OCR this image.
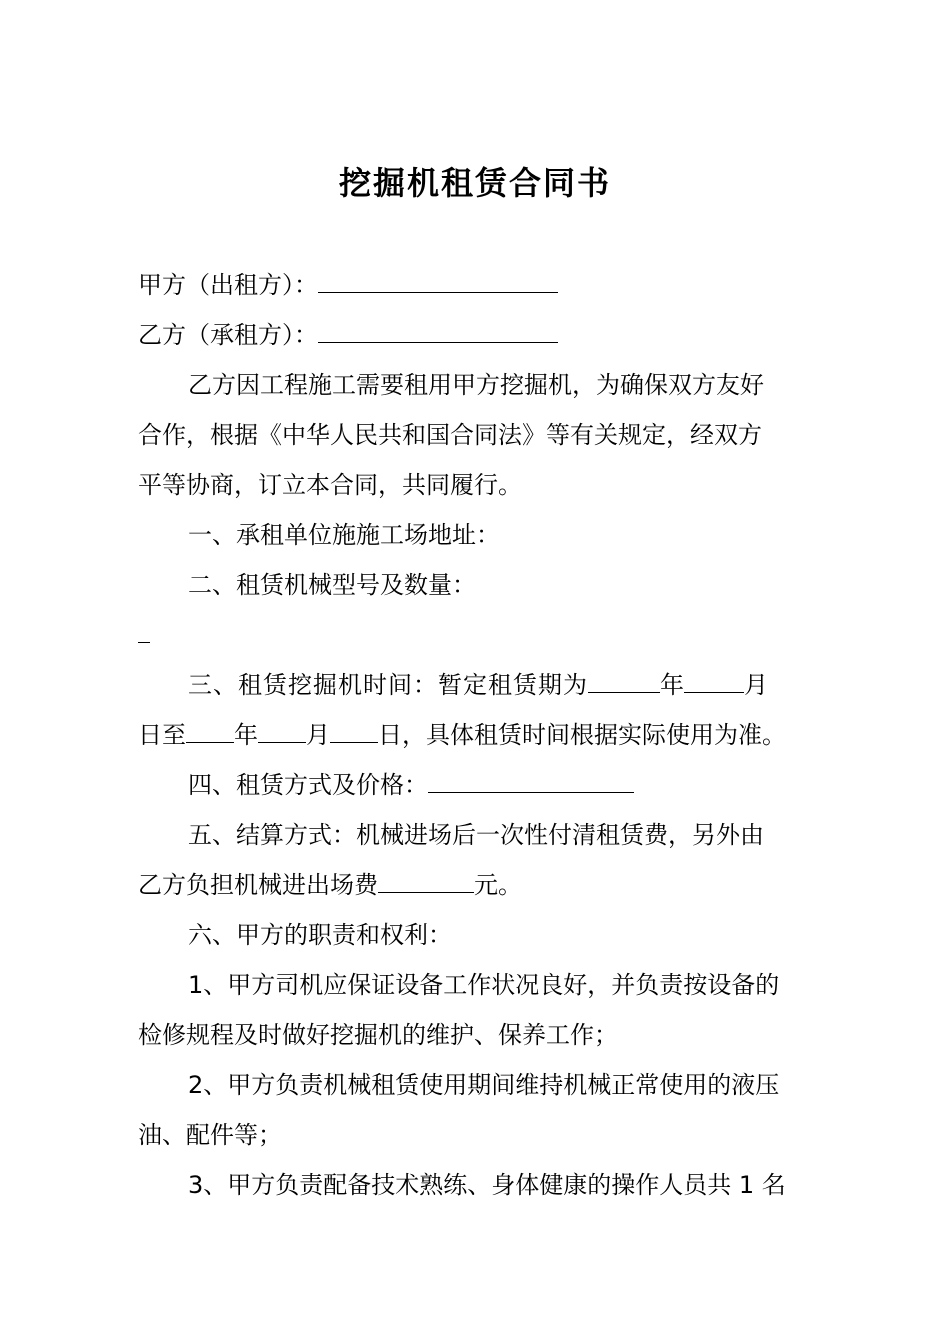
挖掘机租赁合同书
甲方（出租方）：
乙方（承租方）：
乙方因工程施工需要租用甲方挖掘机，为确保双方友好
合作，根据《中华人民共和国合同法》等有关规定，经双方
平等协商，订立本合同，共同履行。
一、承租单位施施工场地址：
二、租赁机械型号及数量：
三、租赁挖掘机时间：暂定租赁期为	年	月
日至 年 月 日，具体租赁时间根据实际使用为准。
四、租赁方式及价格：
五、结算方式：机械进场后一次性付清租赁费，另外由
乙方负担机械进出场费	元。
六、甲方的职责和权利：
1、甲方司机应保证设备工作状况良好，并负责按设备的
检修规程及时做好挖掘机的维护、保养工作；
2、甲方负责机械租赁使用期间维持机械正常使用的液压
油、配件等；
3、甲方负责配备技术熟练、身体健康的操作人员共 1 名
